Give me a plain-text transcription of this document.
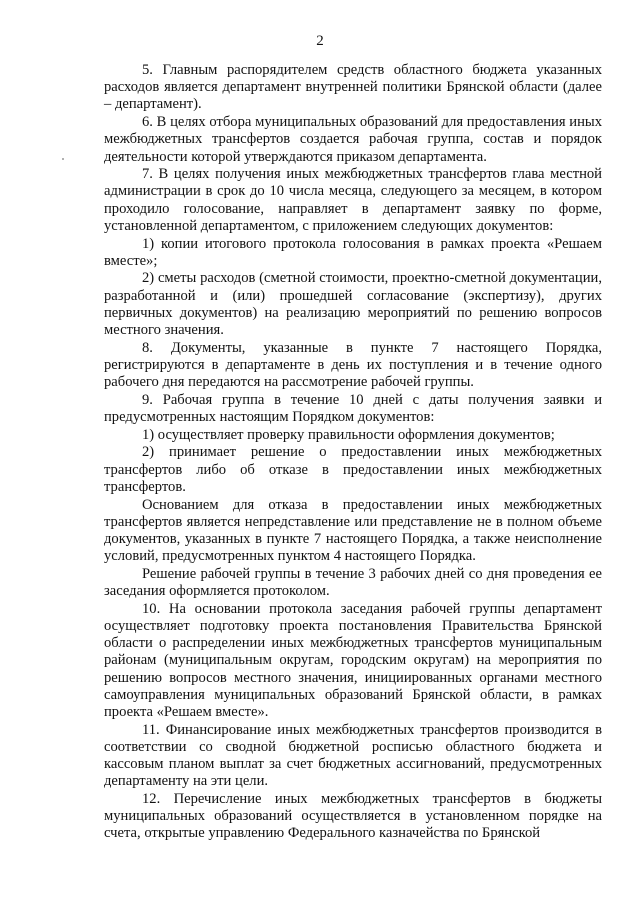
2

5. Главным распорядителем средств областного бюджета указанных расходов является департамент внутренней политики Брянской области (далее – департамент).

6. В целях отбора муниципальных образований для предоставления иных межбюджетных трансфертов создается рабочая группа, состав и порядок деятельности которой утверждаются приказом департамента.

7. В целях получения иных межбюджетных трансфертов глава местной администрации в срок до 10 числа месяца, следующего за месяцем, в котором проходило голосование, направляет в департамент заявку по форме, установленной департаментом, с приложением следующих документов:

1) копии итогового протокола голосования в рамках проекта «Решаем вместе»;

2) сметы расходов (сметной стоимости, проектно-сметной документации, разработанной и (или) прошедшей согласование (экспертизу), других первичных документов) на реализацию мероприятий по решению вопросов местного значения.

8. Документы, указанные в пункте 7 настоящего Порядка, регистрируются в департаменте в день их поступления и в течение одного рабочего дня передаются на рассмотрение рабочей группы.

9. Рабочая группа в течение 10 дней с даты получения заявки и предусмотренных настоящим Порядком документов:

1) осуществляет проверку правильности оформления документов;

2) принимает решение о предоставлении иных межбюджетных трансфертов либо об отказе в предоставлении иных межбюджетных трансфертов.

Основанием для отказа в предоставлении иных межбюджетных трансфертов является непредставление или представление не в полном объеме документов, указанных в пункте 7 настоящего Порядка, а также неисполнение условий, предусмотренных пунктом 4 настоящего Порядка.

Решение рабочей группы в течение 3 рабочих дней со дня проведения ее заседания оформляется протоколом.

10. На основании протокола заседания рабочей группы департамент осуществляет подготовку проекта постановления Правительства Брянской области о распределении иных межбюджетных трансфертов муниципальным районам (муниципальным округам, городским округам) на мероприятия по решению вопросов местного значения, инициированных органами местного самоуправления муниципальных образований Брянской области, в рамках проекта «Решаем вместе».

11. Финансирование иных межбюджетных трансфертов производится в соответствии со сводной бюджетной росписью областного бюджета и кассовым планом выплат за счет бюджетных ассигнований, предусмотренных департаменту на эти цели.

12. Перечисление иных межбюджетных трансфертов в бюджеты муниципальных образований осуществляется в установленном порядке на счета, открытые управлению Федерального казначейства по Брянской
